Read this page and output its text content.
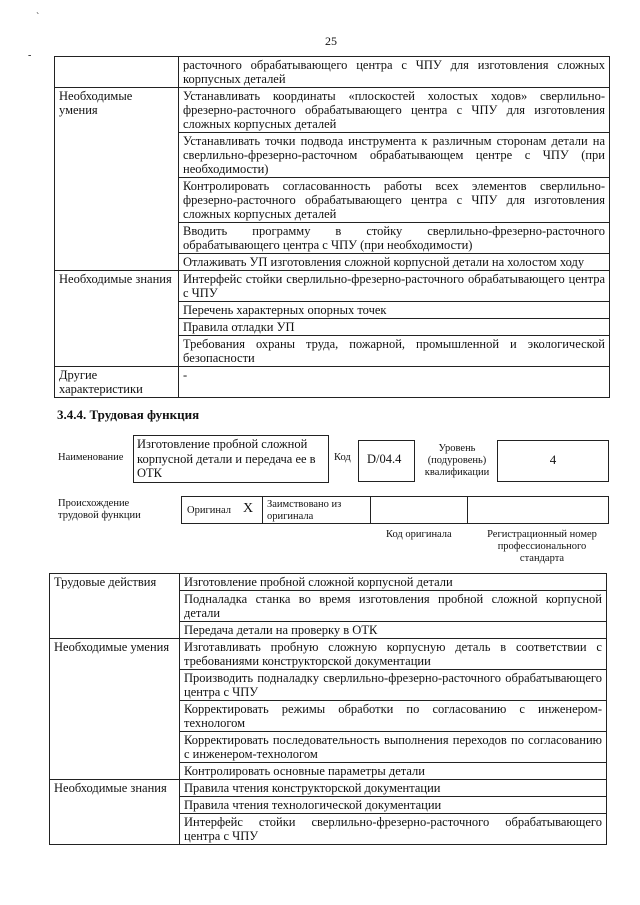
`
-
25
	расточного обрабатывающего центра с ЧПУ для изготовления сложных корпусных деталей
Необходимые умения	Устанавливать координаты «плоскостей холостых ходов» сверлильно-фрезерно-расточного обрабатывающего центра с ЧПУ для изготовления сложных корпусных деталей
	Устанавливать точки подвода инструмента к различным сторонам детали на сверлильно-фрезерно-расточном обрабатывающем центре с ЧПУ (при необходимости)
	Контролировать согласованность работы всех элементов сверлильно-фрезерно-расточного обрабатывающего центра с ЧПУ для изготовления сложных корпусных деталей
	Вводить программу в стойку сверлильно-фрезерно-расточного обрабатывающего центра с ЧПУ (при необходимости)
	Отлаживать УП изготовления сложной корпусной детали на холостом ходу
Необходимые знания	Интерфейс стойки сверлильно-фрезерно-расточного обрабатывающего центра с ЧПУ
	Перечень характерных опорных точек
	Правила отладки УП
	Требования охраны труда, пожарной, промышленной и экологической безопасности
Другие характеристики	-
3.4.4. Трудовая функция
Наименование
Изготовление пробной сложной корпусной детали и передача ее в ОТК
Код D/04.4
Уровень (подуровень) квалификации
4
Происхождение трудовой функции	Оригинал X Заимствовано из оригинала
Код оригинала	Регистрационный номер профессионального стандарта
Трудовые действия	Изготовление пробной сложной корпусной детали
	Подналадка станка во время изготовления пробной сложной корпусной детали
	Передача детали на проверку в ОТК
Необходимые умения	Изготавливать пробную сложную корпусную деталь в соответствии с требованиями конструкторской документации
	Производить подналадку сверлильно-фрезерно-расточного обрабатывающего центра с ЧПУ
	Корректировать режимы обработки по согласованию с инженером-технологом
	Корректировать последовательность выполнения переходов по согласованию с инженером-технологом
	Контролировать основные параметры детали
Необходимые знания	Правила чтения конструкторской документации
	Правила чтения технологической документации
	Интерфейс стойки сверлильно-фрезерно-расточного обрабатывающего центра с ЧПУ
